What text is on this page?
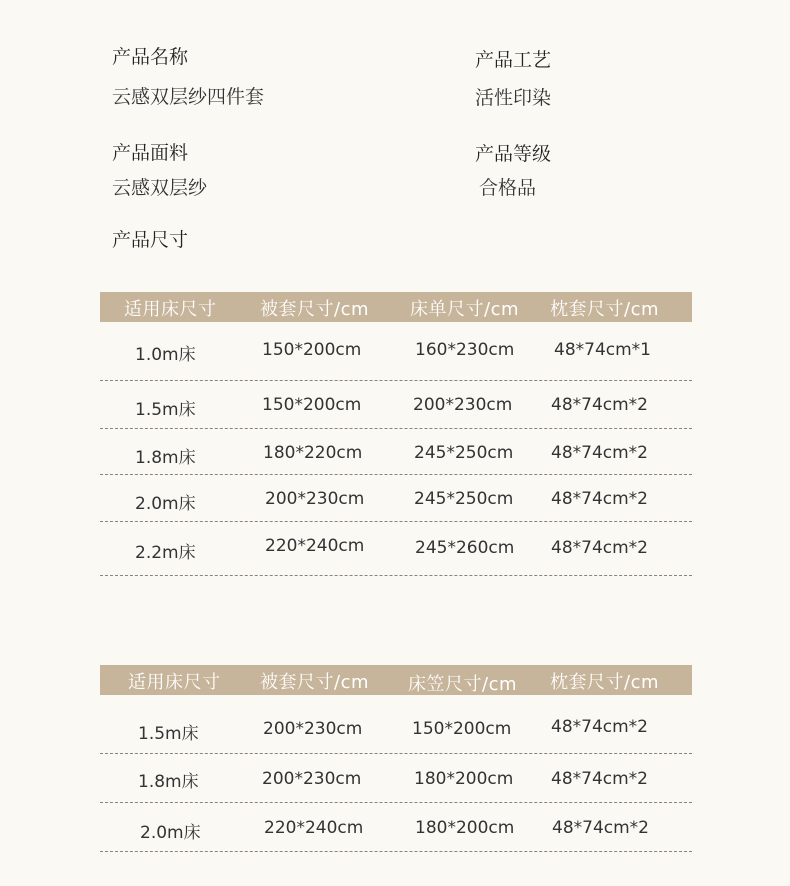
产品名称
云感双层纱四件套
产品工艺
活性印染
产品面料
云感双层纱
产品等级
合格品
产品尺寸
适用床尺寸 被套尺寸/cm 床单尺寸/cm 枕套尺寸/cm
1.0m床	150*200cm	160*230cm 48*74cm*1
1.5m床	150*200cm	200*230cm 48*74cm*2
1.8m床	180*220cm	245*250cm 48*74cm*2
2.0m床	200*230cm	245*250cm 48*74cm*2
2.2m床	220*240cm	245*260cm 48*74cm*2
适用床尺寸 被套尺寸/cm 床笠尺寸/cm 枕套尺寸/cm
1.5m床	200*230cm	150*200cm 48*74cm*2
1.8m床	200*230cm	180*200cm 48*74cm*2
2.0m床	220*240cm	180*200cm 48*74cm*2
